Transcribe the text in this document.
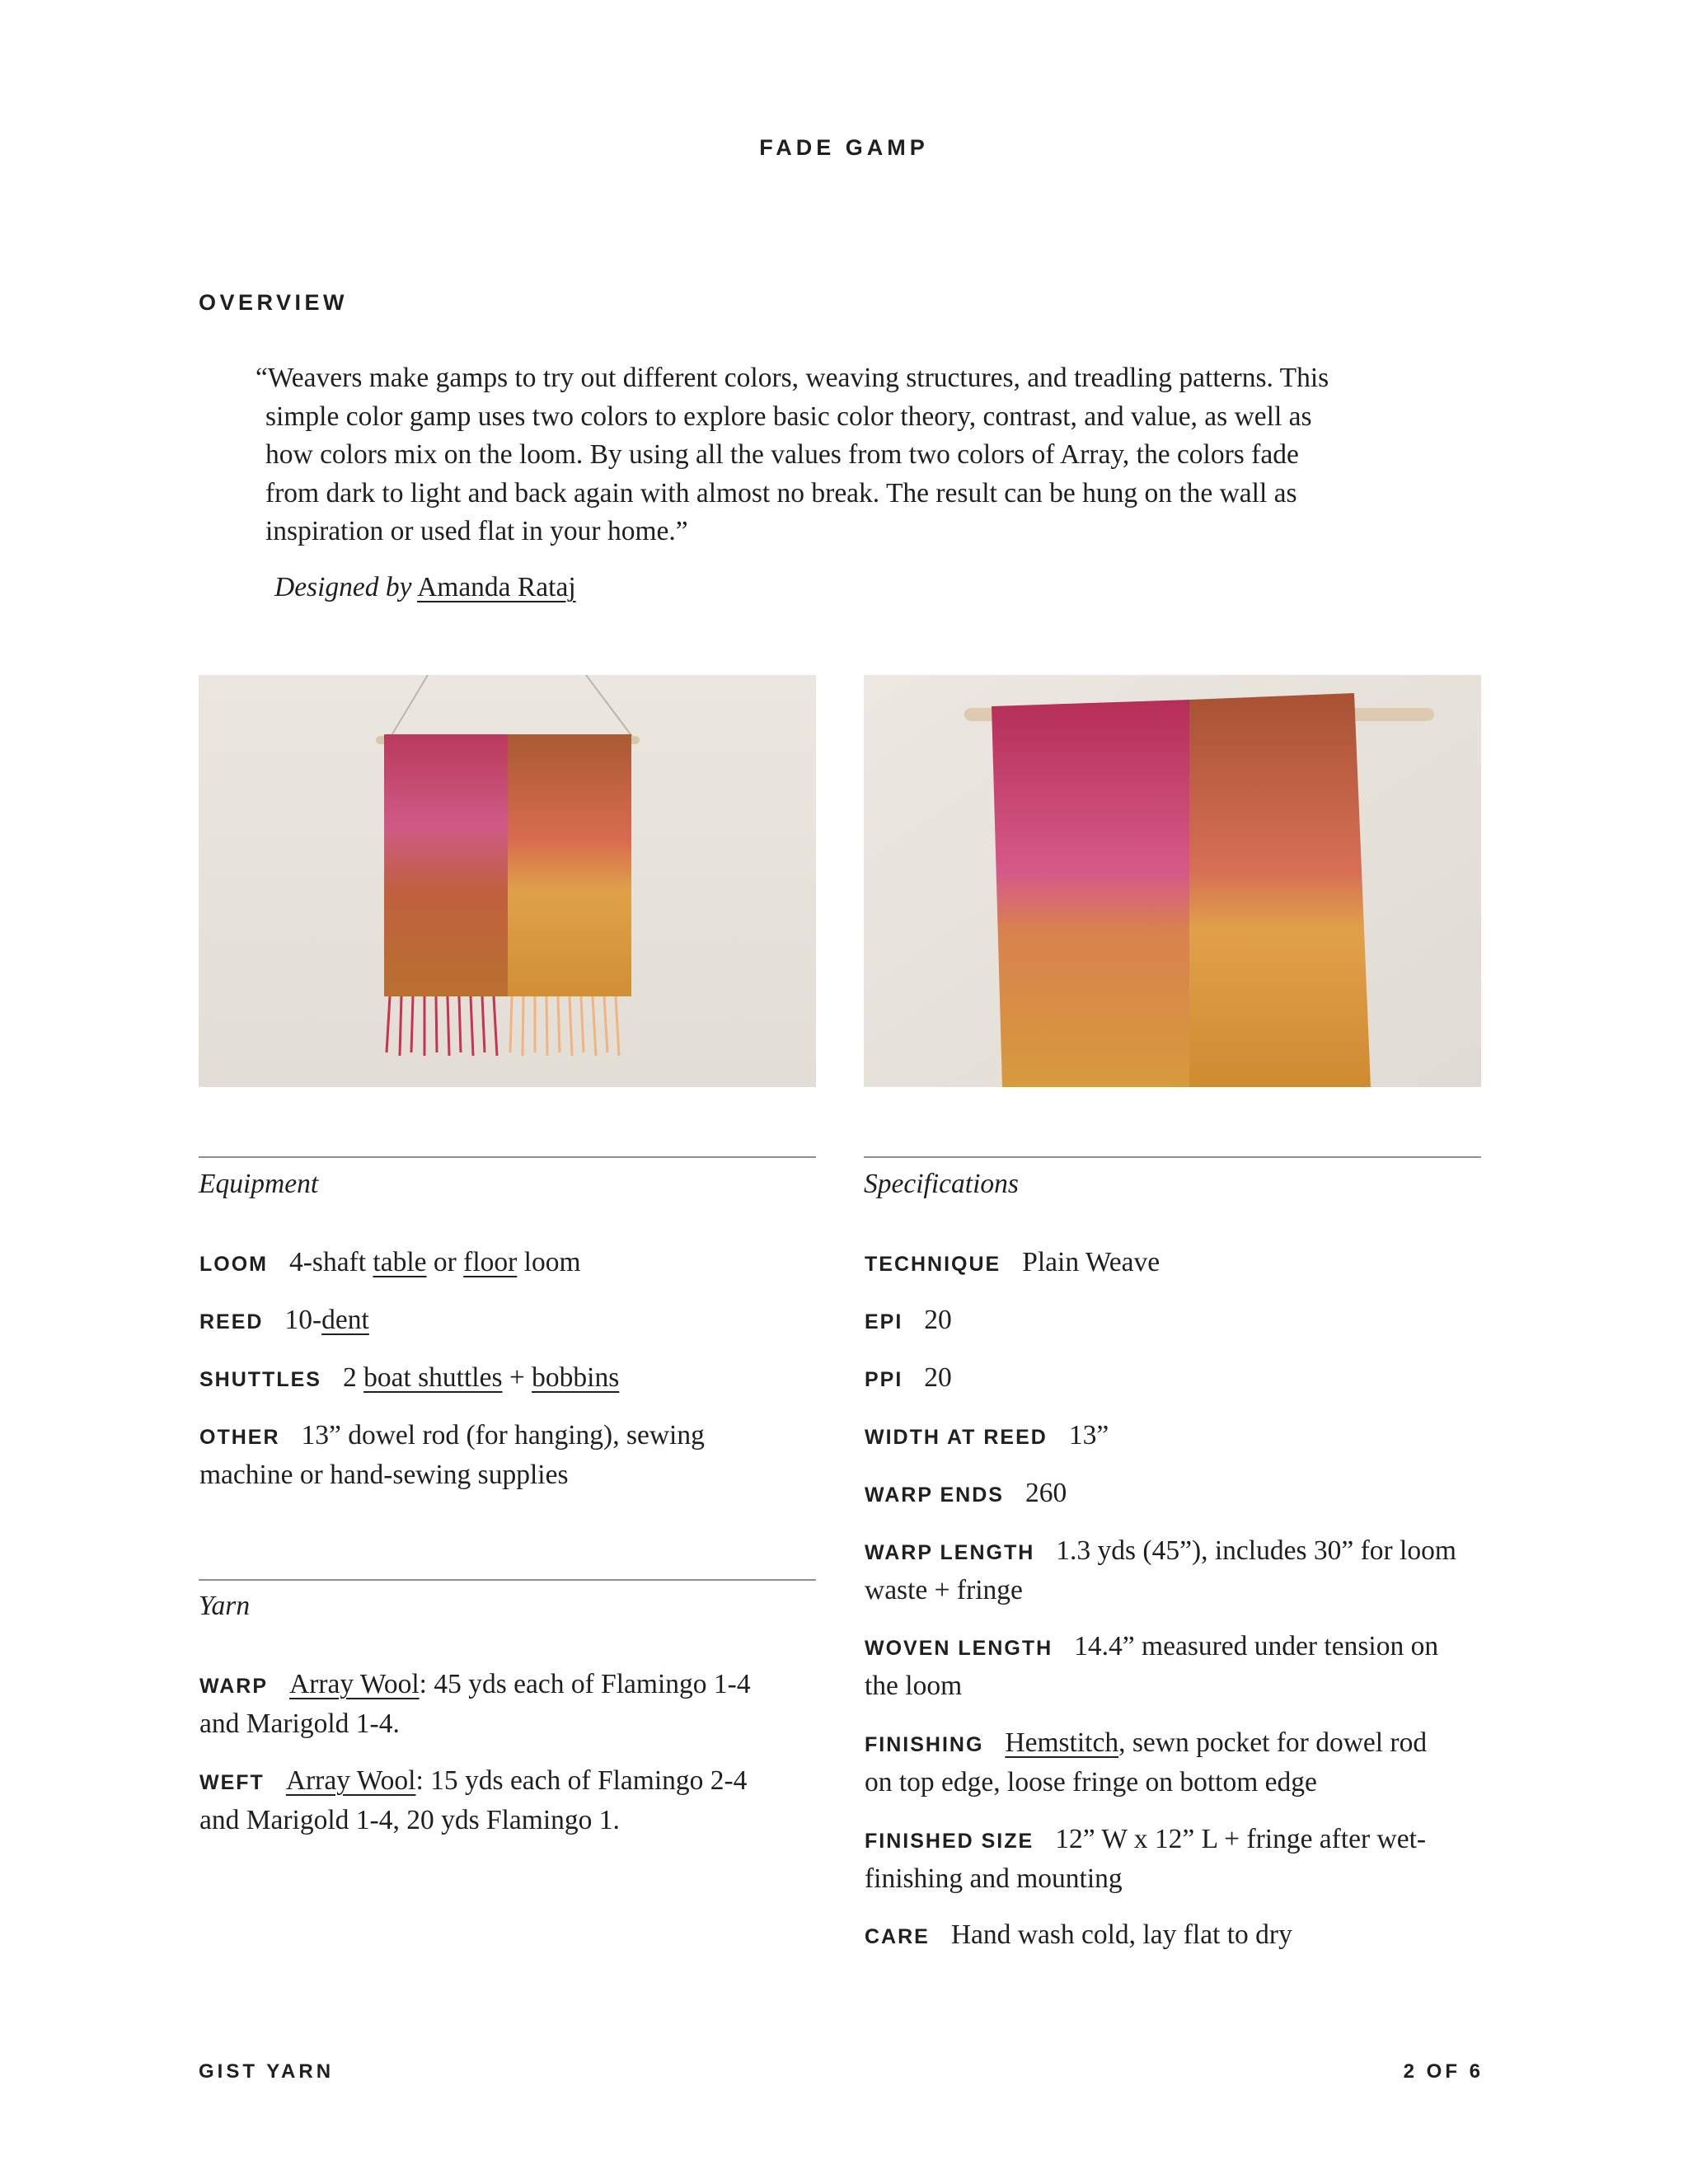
FADE GAMP
OVERVIEW
“Weavers make gamps to try out different colors, weaving structures, and treadling patterns. This
simple color gamp uses two colors to explore basic color theory, contrast, and value, as well as
how colors mix on the loom. By using all the values from two colors of Array, the colors fade
from dark to light and back again with almost no break. The result can be hung on the wall as
inspiration or used flat in your home.”
Designed by Amanda Rataj
Equipment
LOOM 4-shaft table or floor loom
REED 10-dent
SHUTTLES 2 boat shuttles + bobbins
OTHER 13” dowel rod (for hanging), sewing
machine or hand-sewing supplies
Yarn
WARP Array Wool: 45 yds each of Flamingo 1-4
and Marigold 1-4.
WEFT Array Wool: 15 yds each of Flamingo 2-4
and Marigold 1-4, 20 yds Flamingo 1.
Specifications
TECHNIQUE Plain Weave
EPI 20
PPI 20
WIDTH AT REED 13”
WARP ENDS 260
WARP LENGTH 1.3 yds (45”), includes 30” for loom
waste + fringe
WOVEN LENGTH 14.4” measured under tension on
the loom
FINISHING Hemstitch, sewn pocket for dowel rod
on top edge, loose fringe on bottom edge
FINISHED SIZE 12” W x 12” L + fringe after wet-
finishing and mounting
CARE Hand wash cold, lay flat to dry
GIST YARN	2 OF 6
